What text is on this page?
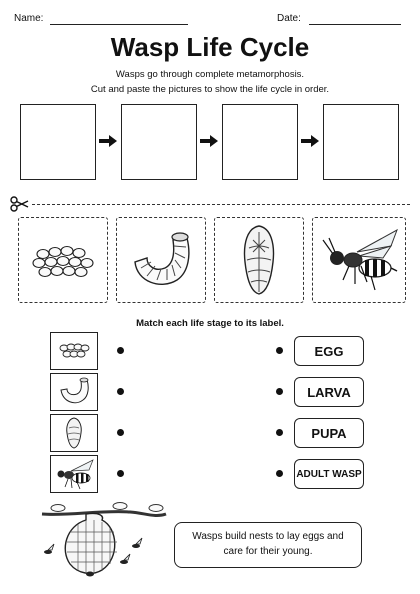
Name:	Date:
Wasp Life Cycle
Wasps go through complete metamorphosis.
Cut and paste the pictures to show the life cycle in order.
Match each life stage to its label.
EGG
LARVA
PUPA
ADULT WASP
Wasps build nests to lay eggs and
care for their young.
